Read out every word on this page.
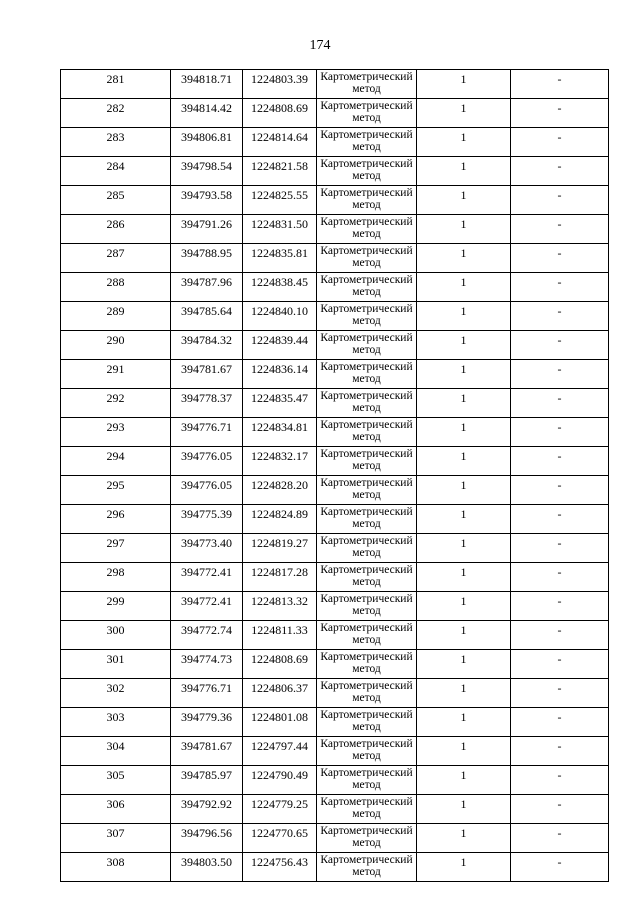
174
281	394818.71	1224803.39	Картометрический метод	1	-
282	394814.42	1224808.69	Картометрический метод	1	-
283	394806.81	1224814.64	Картометрический метод	1	-
284	394798.54	1224821.58	Картометрический метод	1	-
285	394793.58	1224825.55	Картометрический метод	1	-
286	394791.26	1224831.50	Картометрический метод	1	-
287	394788.95	1224835.81	Картометрический метод	1	-
288	394787.96	1224838.45	Картометрический метод	1	-
289	394785.64	1224840.10	Картометрический метод	1	-
290	394784.32	1224839.44	Картометрический метод	1	-
291	394781.67	1224836.14	Картометрический метод	1	-
292	394778.37	1224835.47	Картометрический метод	1	-
293	394776.71	1224834.81	Картометрический метод	1	-
294	394776.05	1224832.17	Картометрический метод	1	-
295	394776.05	1224828.20	Картометрический метод	1	-
296	394775.39	1224824.89	Картометрический метод	1	-
297	394773.40	1224819.27	Картометрический метод	1	-
298	394772.41	1224817.28	Картометрический метод	1	-
299	394772.41	1224813.32	Картометрический метод	1	-
300	394772.74	1224811.33	Картометрический метод	1	-
301	394774.73	1224808.69	Картометрический метод	1	-
302	394776.71	1224806.37	Картометрический метод	1	-
303	394779.36	1224801.08	Картометрический метод	1	-
304	394781.67	1224797.44	Картометрический метод	1	-
305	394785.97	1224790.49	Картометрический метод	1	-
306	394792.92	1224779.25	Картометрический метод	1	-
307	394796.56	1224770.65	Картометрический метод	1	-
308	394803.50	1224756.43	Картометрический метод	1	-
